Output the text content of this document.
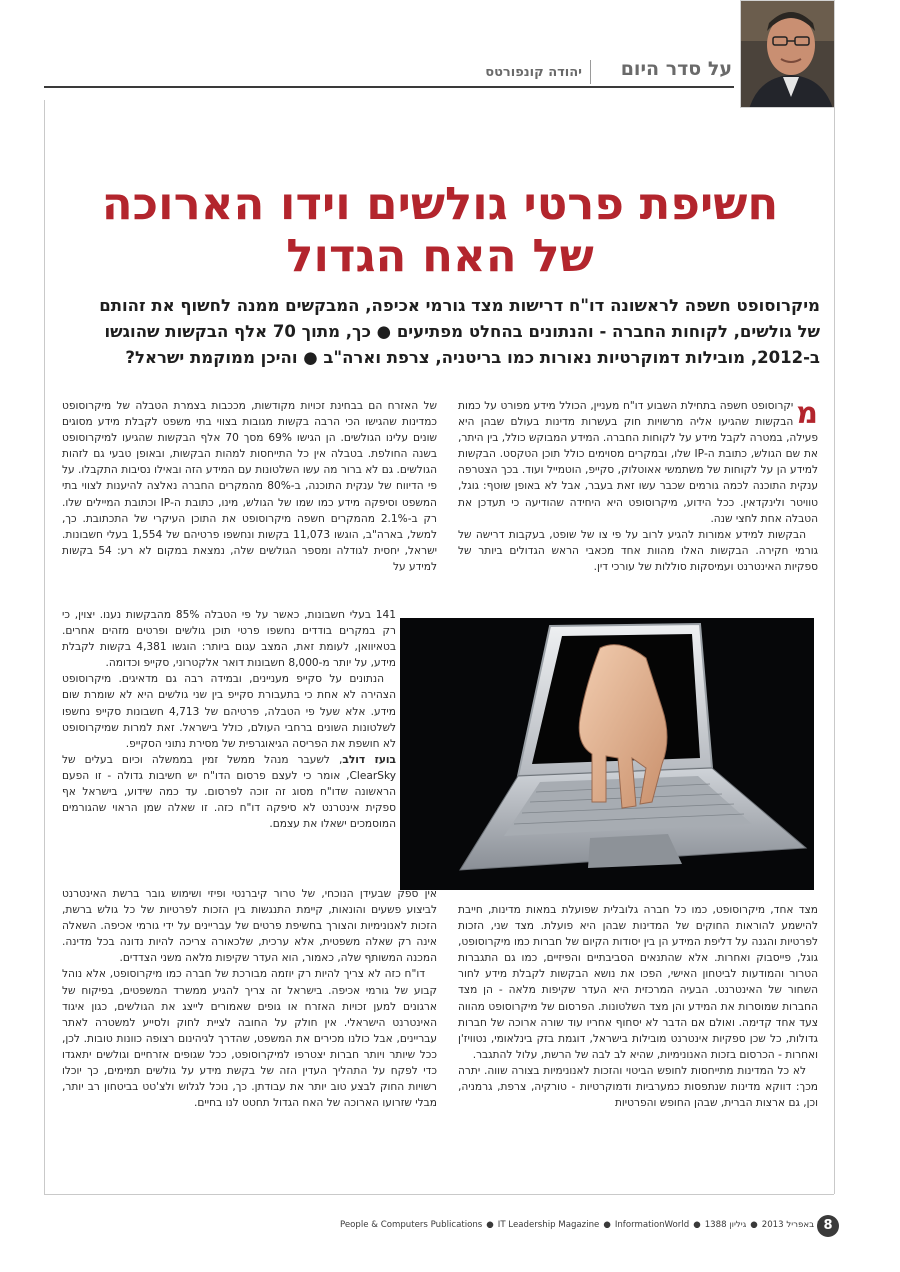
על סדר היום
יהודה קונפורטס
חשיפת פרטי גולשים וידו הארוכה
של האח הגדול
מיקרוסופט חשפה לראשונה דו"ח דרישות מצד גורמי אכיפה, המבקשים ממנה לחשוף את זהותם
של גולשים, לקוחות החברה - והנתונים בהחלט מפתיעים ● כך, מתוך 70 אלף הבקשות שהוגשו
ב-2012, מובילות דמוקרטיות נאורות כמו בריטניה, צרפת וארה"ב ● והיכן ממוקמת ישראל?

מ
יקרוסופט חשפה בתחילת השבוע דו"ח מעניין, הכולל מידע מפורט על כמות הבקשות שהגיעו אליה מרשויות חוק בעשרות מדינות בעולם שבהן היא פעילה, במטרה לקבל מידע על לקוחות החברה. המידע המבוקש כולל, בין היתר, את שם הגולש, כתובת ה-IP שלו, ובמקרים מסוימים כולל תוכן הטקסט. הבקשות למידע הן על לקוחות של משתמשי אאוטלוק, סקייפ, הוטמייל ועוד. בכך הצטרפה ענקית התוכנה לכמה גורמים שכבר עשו זאת בעבר, אבל לא באופן שוטף: גוגל, טוויטר ולינקדאין. ככל הידוע, מיקרוסופט היא היחידה שהודיעה כי תעדכן את הטבלה אחת לחצי שנה.

הבקשות למידע אמורות להגיע לרוב על פי צו של שופט, בעקבות דרישה של גורמי חקירה. הבקשות האלו מהוות אחד מכאבי הראש הגדולים ביותר של ספקיות האינטרנט ועמיסקות סוללות של עורכי דין.

מצד אחד, מיקרוסופט, כמו כל חברה גלובלית שפועלת במאות מדינות, חייבת להישמע להוראות החוקים של המדינות שבהן היא פועלת. מצד שני, הזכות לפרטיות והגנה על דליפת המידע הן בין יסודות הקיום של חברות כמו מיקרוסופט, גוגל, פייסבוק ואחרות. אלא שהתנאים הסביבתיים והפיזיים, כמו גם התגברות הטרור והמודעות לביטחון האישי, הפכו את נושא הבקשות לקבלת מידע לחור השחור של האינטרנט. הבעיה המרכזית היא העדר שקיפות מלאה - הן מצד החברות שמוסרות את המידע והן מצד השלטונות. הפרסום של מיקרוסופט מהווה צעד אחד קדימה. ואולם אם הדבר לא יסחוף אחריו עוד שורה ארוכה של חברות גדולות, כל שכן ספקיות אינטרנט מובילות בישראל, דוגמת בזק בינלאומי, נטוויז'ן ואחרות - הכרסום בזכות האנונימיות, שהיא לב לבה של הרשת, עלול להתגבר.

לא כל המדינות מתייחסות לחופש הביטוי והזכות לאנונימיות בצורה שווה. יתרה מכך: דווקא מדינות שנתפסות כמערביות ודמוקרטיות - טורקיה, צרפת, גרמניה, וכן, גם ארצות הברית, שבהן החופש והפרטיות

של האזרח הם בבחינת זכויות מקודשות, מככבות בצמרת הטבלה של מיקרוסופט כמדינות שהגישו הכי הרבה בקשות מגובות בצווי בתי משפט לקבלת מידע מסוגים שונים עלינו הגולשים. הן הגישו 69% מסך 70 אלף הבקשות שהגיעו למיקרוסופט בשנה החולפת. בטבלה אין כל התייחסות למהות הבקשות, ובאופן טבעי גם לזהות הגולשים. גם לא ברור מה עשו השלטונות עם המידע הזה ובאילו נסיבות התקבלו. על פי הדיווח של ענקית התוכנה, ב-80% מהמקרים החברה נאלצה להיענות לצווי בתי המשפט וסיפקה מידע כמו שמו של הגולש, מינו, כתובת ה-IP וכתובת המיילים שלו. רק ב-2.1% מהמקרים חשפה מיקרוסופט את התוכן העיקרי של התכתובת. כך, למשל, בארה"ב, הוגשו 11,073 בקשות ונחשפו פרטיהם של 1,554 בעלי חשבונות. ישראל, יחסית לגודלה ומספר הגולשים שלה, נמצאת במקום לא רע: 54 בקשות למידע על

141 בעלי חשבונות, כאשר על פי הטבלה 85% מהבקשות נענו. יצוין, כי רק במקרים בודדים נחשפו פרטי תוכן גולשים ופרטים מזהים אחרים. בטאיוואן, לעומת זאת, המצב עגום ביותר: הוגשו 4,381 בקשות לקבלת מידע, על יותר מ-8,000 חשבונות דואר אלקטרוני, סקייפ וכדומה.

הנתונים על סקייפ מעניינים, ובמידה רבה גם מדאיגים. מיקרוסופט הצהירה לא אחת כי בתעבורת סקייפ בין שני גולשים היא לא שומרת שום מידע. אלא שעל פי הטבלה, פרטיהם של 4,713 חשבונות סקייפ נחשפו לשלטונות השונים ברחבי העולם, כולל בישראל. זאת למרות שמיקרוסופט לא חושפת את הפריסה הגיאוגרפית של מסירת נתוני הסקייפ.

בועז דולב, לשעבר מנהל ממשל זמין בממשלה וכיום בעלים של ClearSky, אומר כי לעצם פרסום הדו"ח יש חשיבות גדולה - זו הפעם הראשונה שדו"ח מסוג זה זוכה לפרסום. עד כמה שידוע, בישראל אף ספקית אינטרנט לא סיפקה דו"ח כזה. זו שאלה שמן הראוי שהגורמים המוסמכים ישאלו את עצמם.

אין ספק שבעידן הנוכחי, של טרור קיברנטי ופיזי ושימוש גובר ברשת האינטרנט לביצוע פשעים והונאות, קיימת התנגשות בין הזכות לפרטיות של כל גולש ברשת, הזכות לאנונימיות והצורך בחשיפת פרטים של עבריינים על ידי גורמי אכיפה. השאלה אינה רק שאלה משפטית, אלא ערכית, שלכאורה צריכה להיות נדונה בכל מדינה. המכנה המשותף שלה, כאמור, הוא העדר שקיפות מלאה משני הצדדים.

דו"ח כזה לא צריך להיות רק יוזמה מבורכת של חברה כמו מיקרוסופט, אלא נוהל קבוע של גורמי אכיפה. בישראל זה צריך להגיע ממשרד המשפטים, בפיקוח של ארגונים למען זכויות האזרח או גופים שאמורים לייצג את הגולשים, כגון איגוד האינטרנט הישראלי. אין חולק על החובה לציית לחוק ולסייע למשטרה לאתר עבריינים, אבל כולנו מכירים את המשפט, שהדרך לגיהינום רצופה כוונות טובות. לכן, ככל שיותר ויותר חברות יצטרפו למיקרוסופט, ככל שגופים אזרחיים וגולשים יתאגדו כדי לפקח על התהליך העדין הזה של בקשת מידע על גולשים תמימים, כך יוכלו רשויות החוק לבצע טוב יותר את עבודתן. כך, נוכל לגלוש ולצ'טט בביטחון רב יותר, מבלי שזרועו הארוכה של האח הגדול תחטט לנו בחיים.

People & Computers Publications ● IT Leadership Magazine ● InformationWorld ●	באפריל 2013●גיליון 1388	8
